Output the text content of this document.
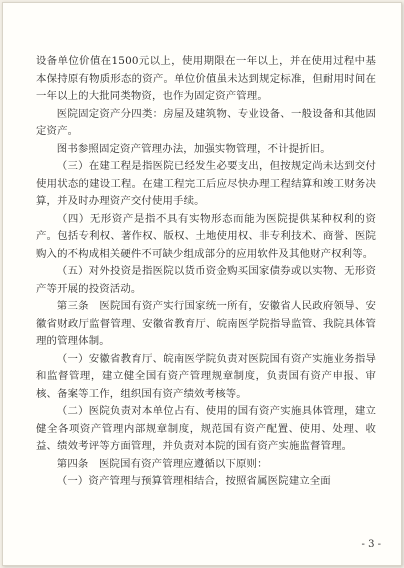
设备单位价值在1500元以上，使用期限在一年以上，并在使用过程中基本保持原有物质形态的资产。单位价值虽未达到规定标准，但耐用时间在一年以上的大批同类物资，也作为固定资产管理。

医院固定资产分四类：房屋及建筑物、专业设备、一般设备和其他固定资产。

图书参照固定资产管理办法，加强实物管理，不计提折旧。

（三）在建工程是指医院已经发生必要支出，但按规定尚未达到交付使用状态的建设工程。在建工程完工后应尽快办理工程结算和竣工财务决算，并及时办理资产交付使用手续。

（四）无形资产是指不具有实物形态而能为医院提供某种权利的资产。包括专利权、著作权、版权、土地使用权、非专利技术、商誉、医院购入的不构成相关硬件不可缺少组成部分的应用软件及其他财产权利等。

（五）对外投资是指医院以货币资金购买国家债券或以实物、无形资产等开展的投资活动。

第三条　医院国有资产实行国家统一所有，安徽省人民政府领导、安徽省财政厅监督管理、安徽省教育厅、皖南医学院指导监管、我院具体管理的管理体制。

（一）安徽省教育厅、皖南医学院负责对医院国有资产实施业务指导和监督管理，建立健全国有资产管理规章制度，负责国有资产申报、审核、备案等工作，组织国有资产绩效考核等。

（二）医院负责对本单位占有、使用的国有资产实施具体管理，建立健全各项资产管理内部规章制度，规范国有资产配置、使用、处理、收益、绩效考评等方面管理，并负责对本院的国有资产实施监督管理。

第四条　医院国有资产管理应遵循以下原则：

（一）资产管理与预算管理相结合，按照省属医院建立全面

- 3 -
